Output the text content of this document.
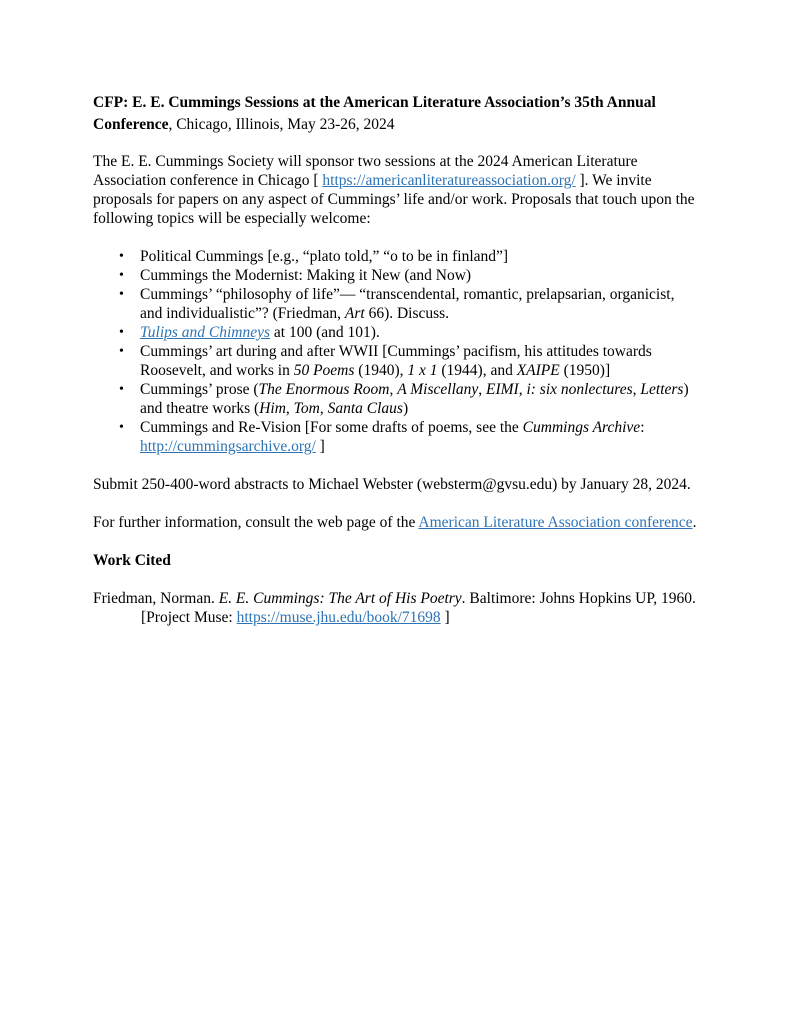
CFP: E. E. Cummings Sessions at the American Literature Association’s 35th Annual Conference, Chicago, Illinois, May 23-26, 2024

The E. E. Cummings Society will sponsor two sessions at the 2024 American Literature Association conference in Chicago [ https://americanliteratureassociation.org/ ]. We invite proposals for papers on any aspect of Cummings’ life and/or work. Proposals that touch upon the following topics will be especially welcome:

• Political Cummings [e.g., “plato told,” “o to be in finland”]
• Cummings the Modernist: Making it New (and Now)
• Cummings’ “philosophy of life”— “transcendental, romantic, prelapsarian, organicist, and individualistic”? (Friedman, Art 66). Discuss.
• Tulips and Chimneys at 100 (and 101).
• Cummings’ art during and after WWII [Cummings’ pacifism, his attitudes towards Roosevelt, and works in 50 Poems (1940), 1 x 1 (1944), and XAIPE (1950)]
• Cummings’ prose (The Enormous Room, A Miscellany, EIMI, i: six nonlectures, Letters) and theatre works (Him, Tom, Santa Claus)
• Cummings and Re-Vision [For some drafts of poems, see the Cummings Archive: http://cummingsarchive.org/ ]

Submit 250-400-word abstracts to Michael Webster (websterm@gvsu.edu) by January 28, 2024.

For further information, consult the web page of the American Literature Association conference.

Work Cited

Friedman, Norman. E. E. Cummings: The Art of His Poetry. Baltimore: Johns Hopkins UP, 1960. [Project Muse: https://muse.jhu.edu/book/71698 ]
